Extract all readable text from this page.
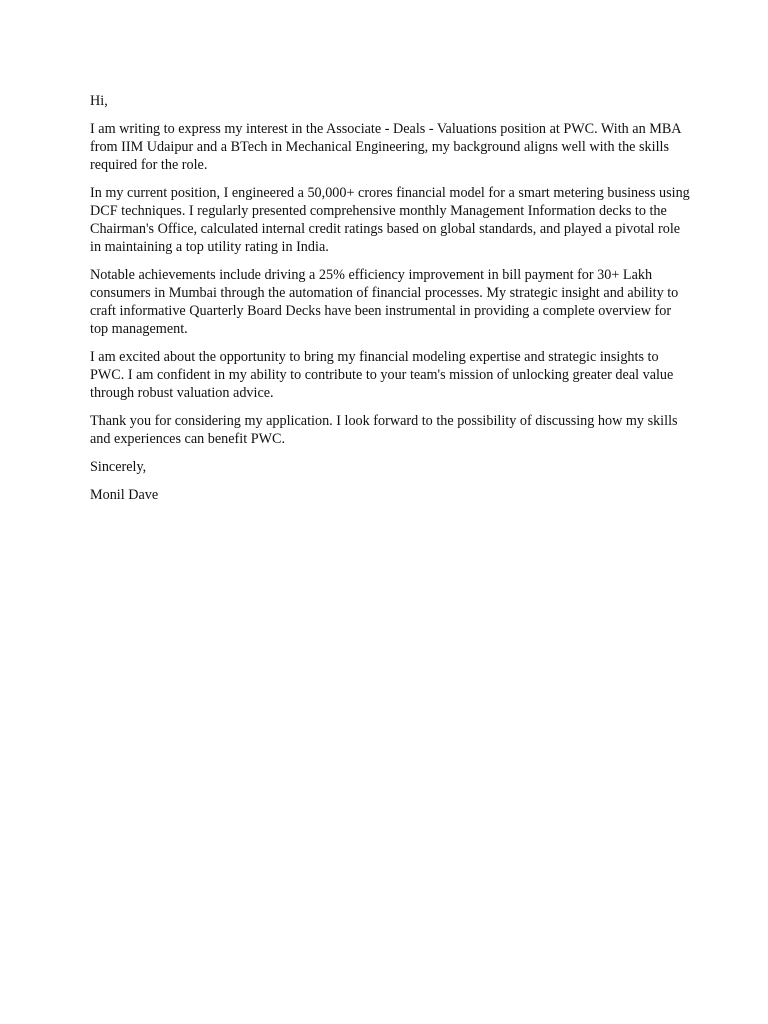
Hi,

I am writing to express my interest in the Associate - Deals - Valuations position at PWC. With an MBA from IIM Udaipur and a BTech in Mechanical Engineering, my background aligns well with the skills required for the role.

In my current position, I engineered a 50,000+ crores financial model for a smart metering business using DCF techniques. I regularly presented comprehensive monthly Management Information decks to the Chairman's Office, calculated internal credit ratings based on global standards, and played a pivotal role in maintaining a top utility rating in India.

Notable achievements include driving a 25% efficiency improvement in bill payment for 30+ Lakh consumers in Mumbai through the automation of financial processes. My strategic insight and ability to craft informative Quarterly Board Decks have been instrumental in providing a complete overview for top management.

I am excited about the opportunity to bring my financial modeling expertise and strategic insights to PWC. I am confident in my ability to contribute to your team's mission of unlocking greater deal value through robust valuation advice.

Thank you for considering my application. I look forward to the possibility of discussing how my skills and experiences can benefit PWC.

Sincerely,

Monil Dave
